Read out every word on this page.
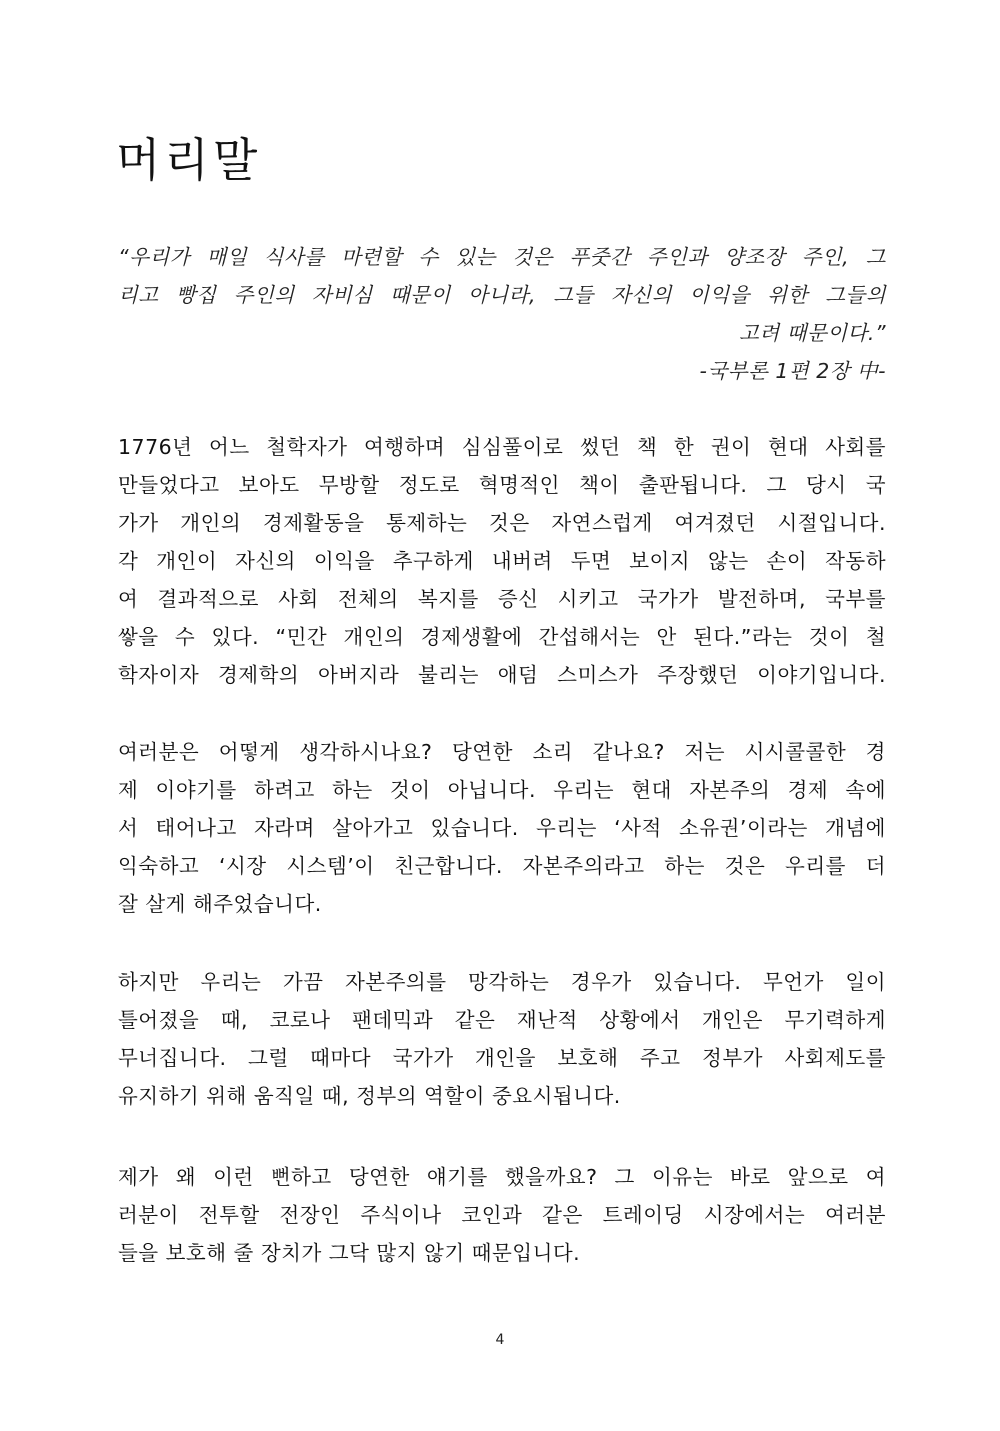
머리말
“우리가 매일 식사를 마련할 수 있는 것은 푸줏간 주인과 양조장 주인, 그
리고 빵집 주인의 자비심 때문이 아니라, 그들 자신의 이익을 위한 그들의
고려 때문이다.”
-국부론 1편 2장 中-
1776년 어느 철학자가 여행하며 심심풀이로 썼던 책 한 권이 현대 사회를
만들었다고 보아도 무방할 정도로 혁명적인 책이 출판됩니다. 그 당시 국
가가 개인의 경제활동을 통제하는 것은 자연스럽게 여겨졌던 시절입니다.
각 개인이 자신의 이익을 추구하게 내버려 두면 보이지 않는 손이 작동하
여 결과적으로 사회 전체의 복지를 증신 시키고 국가가 발전하며, 국부를
쌓을 수 있다. “민간 개인의 경제생활에 간섭해서는 안 된다.”라는 것이 철
학자이자 경제학의 아버지라 불리는 애덤 스미스가 주장했던 이야기입니다.
여러분은 어떻게 생각하시나요? 당연한 소리 같나요? 저는 시시콜콜한 경
제 이야기를 하려고 하는 것이 아닙니다. 우리는 현대 자본주의 경제 속에
서 태어나고 자라며 살아가고 있습니다. 우리는 ‘사적 소유권’이라는 개념에
익숙하고 ‘시장 시스템’이 친근합니다. 자본주의라고 하는 것은 우리를 더
잘 살게 해주었습니다.
하지만 우리는 가끔 자본주의를 망각하는 경우가 있습니다. 무언가 일이
틀어졌을 때, 코로나 팬데믹과 같은 재난적 상황에서 개인은 무기력하게
무너집니다. 그럴 때마다 국가가 개인을 보호해 주고 정부가 사회제도를
유지하기 위해 움직일 때, 정부의 역할이 중요시됩니다.
제가 왜 이런 뻔하고 당연한 얘기를 했을까요? 그 이유는 바로 앞으로 여
러분이 전투할 전장인 주식이나 코인과 같은 트레이딩 시장에서는 여러분
들을 보호해 줄 장치가 그닥 많지 않기 때문입니다.
4
